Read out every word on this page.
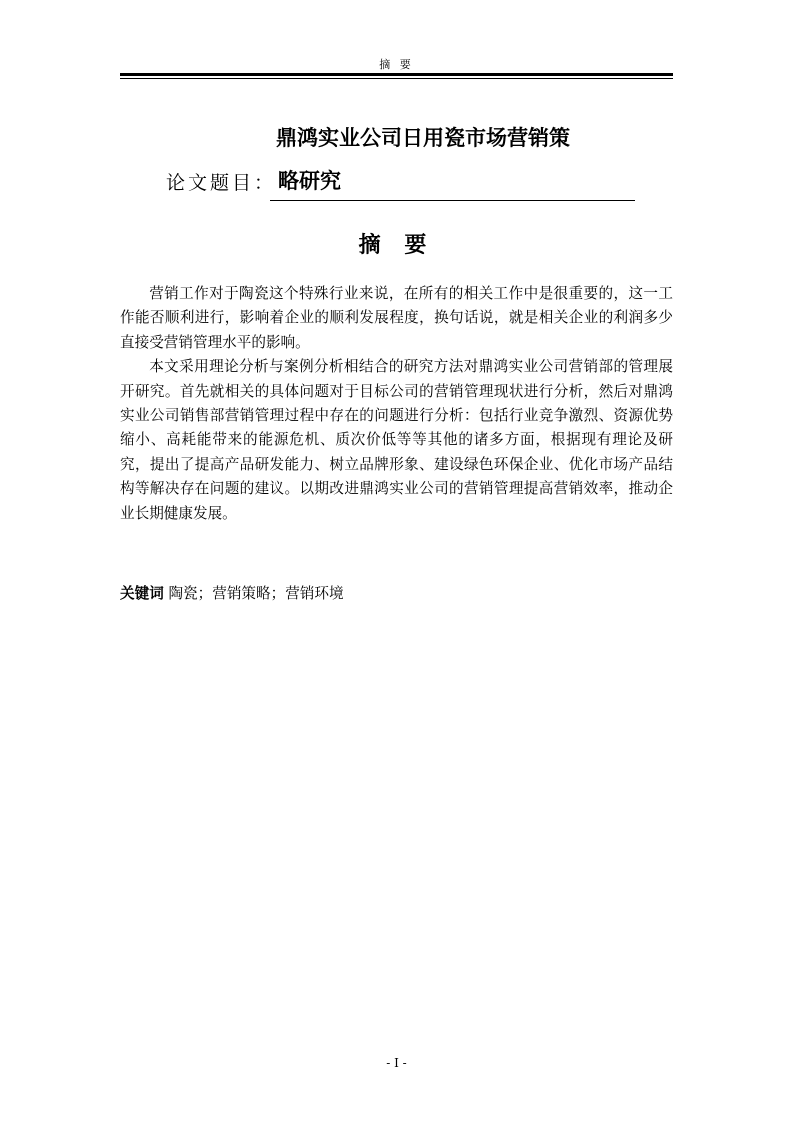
摘 要
鼎鸿实业公司日用瓷市场营销策
论文题目： 略研究
摘 要

营销工作对于陶瓷这个特殊行业来说，在所有的相关工作中是很重要的，这一工作能否顺利进行，影响着企业的顺利发展程度，换句话说，就是相关企业的利润多少直接受营销管理水平的影响。

本文采用理论分析与案例分析相结合的研究方法对鼎鸿实业公司营销部的管理展开研究。首先就相关的具体问题对于目标公司的营销管理现状进行分析，然后对鼎鸿实业公司销售部营销管理过程中存在的问题进行分析：包括行业竞争激烈、资源优势缩小、高耗能带来的能源危机、质次价低等等其他的诸多方面，根据现有理论及研究，提出了提高产品研发能力、树立品牌形象、建设绿色环保企业、优化市场产品结构等解决存在问题的建议。以期改进鼎鸿实业公司的营销管理提高营销效率，推动企业长期健康发展。

关键词 陶瓷；营销策略；营销环境
- I -
